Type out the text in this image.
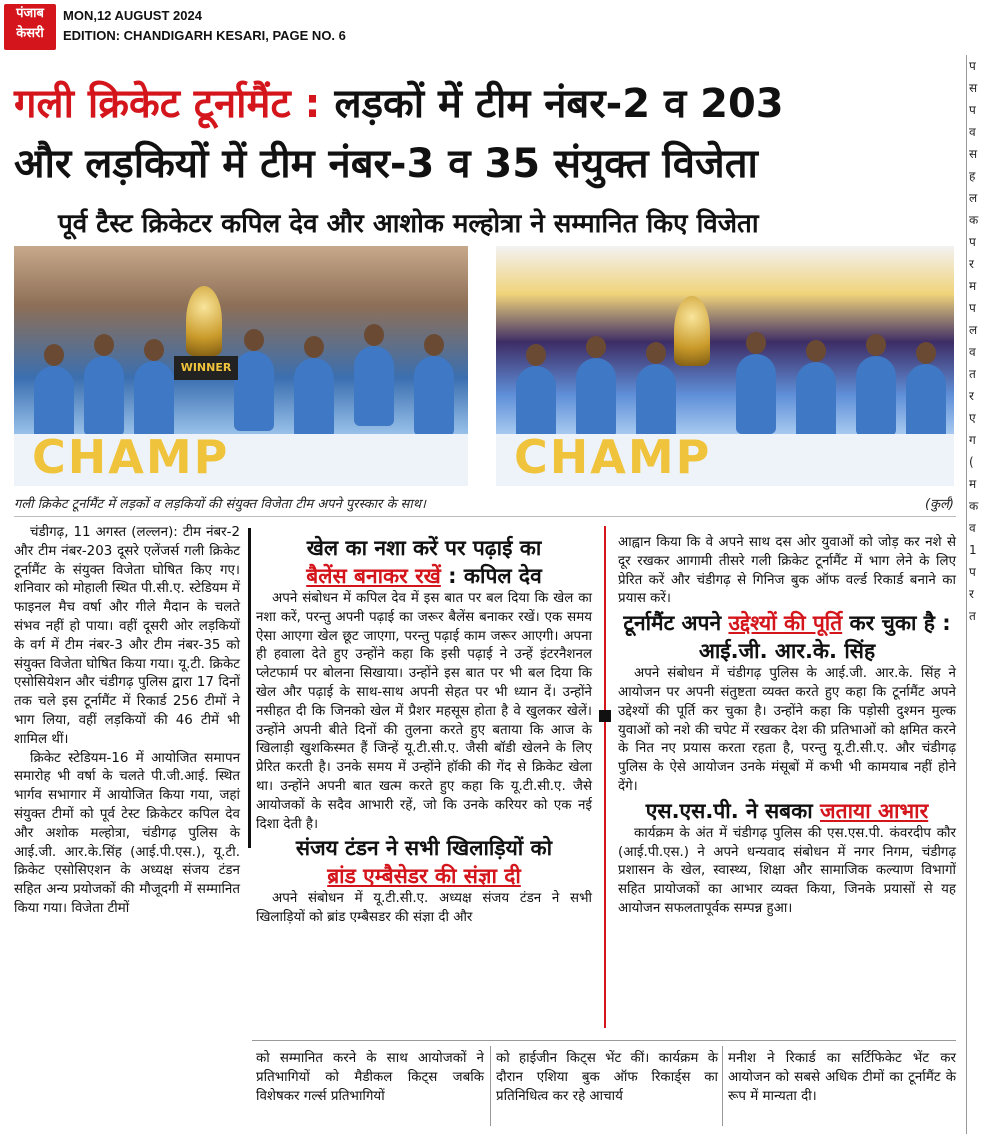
पंजाब
केसरी
MON,12 AUGUST 2024
EDITION: CHANDIGARH KESARI, PAGE NO. 6
प
स
प
व
स
ह
ल
क
प
र
म
प
ल
व
त
र
ए
ग
(
म
क
व
1
प
र
त
गली क्रिकेट टूर्नामैंट : लड़कों में टीम नंबर-2 व 203
और लड़कियों में टीम नंबर-3 व 35 संयुक्त विजेता
पूर्व टैस्ट क्रिकेटर कपिल देव और आशोक मल्होत्रा ने सम्मानित किए विजेता
WINNER
CHAMP	CHAMP
गली क्रिकेट टूर्नामैंट में लड़कों व लड़कियों की संयुक्त विजेता टीम अपने पुरस्कार के साथ।	(कुर्ल)

चंडीगढ़, 11 अगस्त (लल्लन): टीम नंबर-2 और टीम नंबर-203 दूसरे एलेंजर्स गली क्रिकेट टूर्नामैंट के संयुक्त विजेता घोषित किए गए। शनिवार को मोहाली स्थित पी.सी.ए. स्टेडियम में फाइनल मैच वर्षा और गीले मैदान के चलते संभव नहीं हो पाया। वहीं दूसरी ओर लड़कियों के वर्ग में टीम नंबर-3 और टीम नंबर-35 को संयुक्त विजेता घोषित किया गया। यू.टी. क्रिकेट एसोसियेशन और चंडीगढ़ पुलिस द्वारा 17 दिनों तक चले इस टूर्नामैंट में रिकार्ड 256 टीमों ने भाग लिया, वहीं लड़कियों की 46 टीमें भी शामिल थीं।

क्रिकेट स्टेडियम-16 में आयोजित समापन समारोह भी वर्षा के चलते पी.जी.आई. स्थित भार्गव सभागार में आयोजित किया गया, जहां संयुक्त टीमों को पूर्व टेस्ट क्रिकेटर कपिल देव और अशोक मल्होत्रा, चंडीगढ़ पुलिस के आई.जी. आर.के.सिंह (आई.पी.एस.), यू.टी. क्रिकेट एसोसिएशन के अध्यक्ष संजय टंडन सहित अन्य प्रयोजकों की मौजूदगी में सम्मानित किया गया। विजेता टीमों

खेल का नशा करें पर पढ़ाई का
बैलेंस बनाकर रखें : कपिल देव

अपने संबोधन में कपिल देव में इस बात पर बल दिया कि खेल का नशा करें, परन्तु अपनी पढ़ाई का जरूर बैलेंस बनाकर रखें। एक समय ऐसा आएगा खेल छूट जाएगा, परन्तु पढ़ाई काम जरूर आएगी। अपना ही हवाला देते हुए उन्होंने कहा कि इसी पढ़ाई ने उन्हें इंटरनैशनल प्लेटफार्म पर बोलना सिखाया। उन्होंने इस बात पर भी बल दिया कि खेल और पढ़ाई के साथ-साथ अपनी सेहत पर भी ध्यान दें। उन्होंने नसीहत दी कि जिनको खेल में प्रैशर महसूस होता है वे खुलकर खेलें। उन्होंने अपनी बीते दिनों की तुलना करते हुए बताया कि आज के खिलाड़ी खुशकिस्मत हैं जिन्हें यू.टी.सी.ए. जैसी बॉडी खेलने के लिए प्रेरित करती है। उनके समय में उन्होंने हॉकी की गेंद से क्रिकेट खेला था। उन्होंने अपनी बात खत्म करते हुए कहा कि यू.टी.सी.ए. जैसे आयोजकों के सदैव आभारी रहें, जो कि उनके करियर को एक नई दिशा देती है।

संजय टंडन ने सभी खिलाड़ियों को
ब्रांड एम्बैसेडर की संज्ञा दी

अपने संबोधन में यू.टी.सी.ए. अध्यक्ष संजय टंडन ने सभी खिलाड़ियों को ब्रांड एम्बैसडर की संज्ञा दी और

आह्वान किया कि वे अपने साथ दस ओर युवाओं को जोड़ कर नशे से दूर रखकर आगामी तीसरे गली क्रिकेट टूर्नामैंट में भाग लेने के लिए प्रेरित करें और चंडीगढ़ से गिनिज बुक ऑफ वर्ल्ड रिकार्ड बनाने का प्रयास करें।

टूर्नामैंट अपने उद्देश्यों की पूर्ति कर चुका है : आई.जी. आर.के. सिंह

अपने संबोधन में चंडीगढ़ पुलिस के आई.जी. आर.के. सिंह ने आयोजन पर अपनी संतुष्टता व्यक्त करते हुए कहा कि टूर्नामैंट अपने उद्देश्यों की पूर्ति कर चुका है। उन्होंने कहा कि पड़ोसी दुश्मन मुल्क युवाओं को नशे की चपेट में रखकर देश की प्रतिभाओं को क्षमित करने के नित नए प्रयास करता रहता है, परन्तु यू.टी.सी.ए. और चंडीगढ़ पुलिस के ऐसे आयोजन उनके मंसूबों में कभी भी कामयाब नहीं होने देंगे।

एस.एस.पी. ने सबका जताया आभार

कार्यक्रम के अंत में चंडीगढ़ पुलिस की एस.एस.पी. कंवरदीप कौर (आई.पी.एस.) ने अपने धन्यवाद संबोधन में नगर निगम, चंडीगढ़ प्रशासन के खेल, स्वास्थ्य, शिक्षा और सामाजिक कल्याण विभागों सहित प्रायोजकों का आभार व्यक्त किया, जिनके प्रयासों से यह आयोजन सफलतापूर्वक सम्पन्न हुआ।

को सम्मानित करने के साथ आयोजकों ने प्रतिभागियों को मैडीकल किट्स जबकि विशेषकर गर्ल्स प्रतिभागियों
को हाईजीन किट्स भेंट कीं। कार्यक्रम के दौरान एशिया बुक ऑफ रिकार्ड्स का प्रतिनिधित्व कर रहे आचार्य
मनीश ने रिकार्ड का सर्टिफिकेट भेंट कर आयोजन को सबसे अधिक टीमों का टूर्नामैंट के रूप में मान्यता दी।
